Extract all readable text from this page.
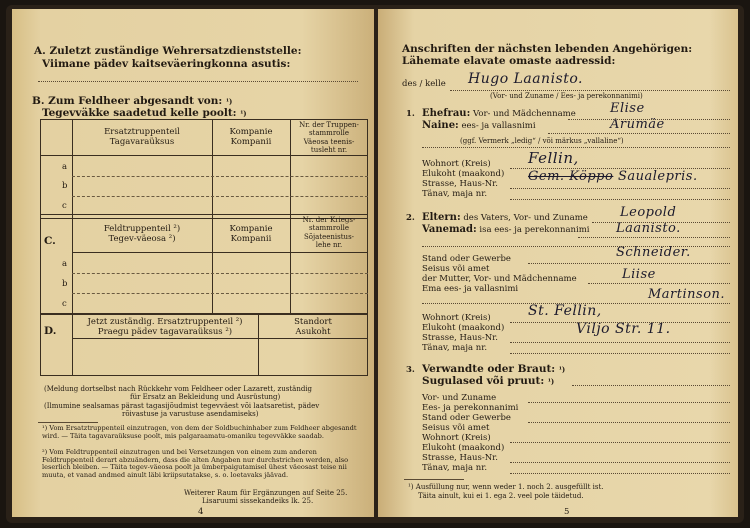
A. Zuletzt zuständige Wehrersatzdienststelle:
Viimane pädev kaitseväeringkonna asutis:
B. Zum Feldheer abgesandt von: ¹)
Tegevväkke saadetud kelle poolt: ¹)
Ersatztruppenteil
Tagavaraüksus
Kompanie
Kompanii
Nr. der Truppen-
stammrolle
Väeosa teenis-
tusleht nr.
a
b
c
C.
Feldtruppenteil ²)
Tegev-väeosa ²)
Kompanie
Kompanii
Nr. der Kriegs-
stammrolle
Sõjateenistus-
lehe nr.
a
b
c
D.
Jetzt zuständig. Ersatztruppenteil ²)
Praegu pädev tagavaraüksus ²)
Standort
Asukoht
(Meldung dortselbst nach Rückkehr vom Feldheer oder Lazarett, zuständig
für Ersatz an Bekleidung und Ausrüstung)
(Ilmumine sealsamas pärast tagasijõudmist tegevväest või laatsaretist, pädev
rõivastuse ja varustuse asendamiseks)
¹) Vom Ersatztruppenteil einzutragen, von dem der Soldbuchinhaber zum Feldheer abgesandt wird. — Täita tagavaraüksuse poolt, mis palgaraamatu-omaniku tegevväkke saadab.
²) Vom Feldtruppenteil einzutragen und bei Versetzungen von einem zum anderen Feldtruppenteil derart abzuändern, dass die alten Angaben nur durchstrichen werden, also leserlich bleiben. — Täita tegev-väeosa poolt ja ümberpaigutamisel ühest väeosast teise nii muuta, et vanad andmed ainult läbi kriipsutatakse, s. o. loetavaks jäävad.
Weiterer Raum für Ergänzungen auf Seite 25.
Lisaruumi sissekandeiks lk. 25.
4
Anschriften der nächsten lebenden Angehörigen:
Lähemate elavate omaste aadressid:
des / kelle Hugo Laanisto.
(Vor- und Zuname / Ees- ja perekonnanimi)
1. Ehefrau: Vor- und Mädchenname
Naine: ees- ja vallasnimi
Elise
Arumäe
(ggf. Vermerk „ledig“ / või märkus „vallaline“)
Wohnort (Kreis)
Elukoht (maakond)
Strasse, Haus-Nr.
Tänav, maja nr.
Fellin,
Gem. Köppo Saualepris.
2. Eltern: des Vaters, Vor- und Zuname
Vanemad: isa ees- ja perekonnanimi
Leopold
Laanisto.
Stand oder Gewerbe
Seisus või amet
Schneider.
der Mutter, Vor- und Mädchenname
Ema ees- ja vallasnimi
Liise
Martinson.
Wohnort (Kreis)
Elukoht (maakond)
Strasse, Haus-Nr.
Tänav, maja nr.
St. Fellin,
Viljo Str. 11.
3. Verwandte oder Braut: ¹)
Sugulased või pruut: ¹)
Vor- und Zuname
Ees- ja perekonnanimi
Stand oder Gewerbe
Seisus või amet
Wohnort (Kreis)
Elukoht (maakond)
Strasse, Haus-Nr.
Tänav, maja nr.
¹) Ausfüllung nur, wenn weder 1. noch 2. ausgefüllt ist.
Täita ainult, kui ei 1. ega 2. veel pole täidetud.
5
